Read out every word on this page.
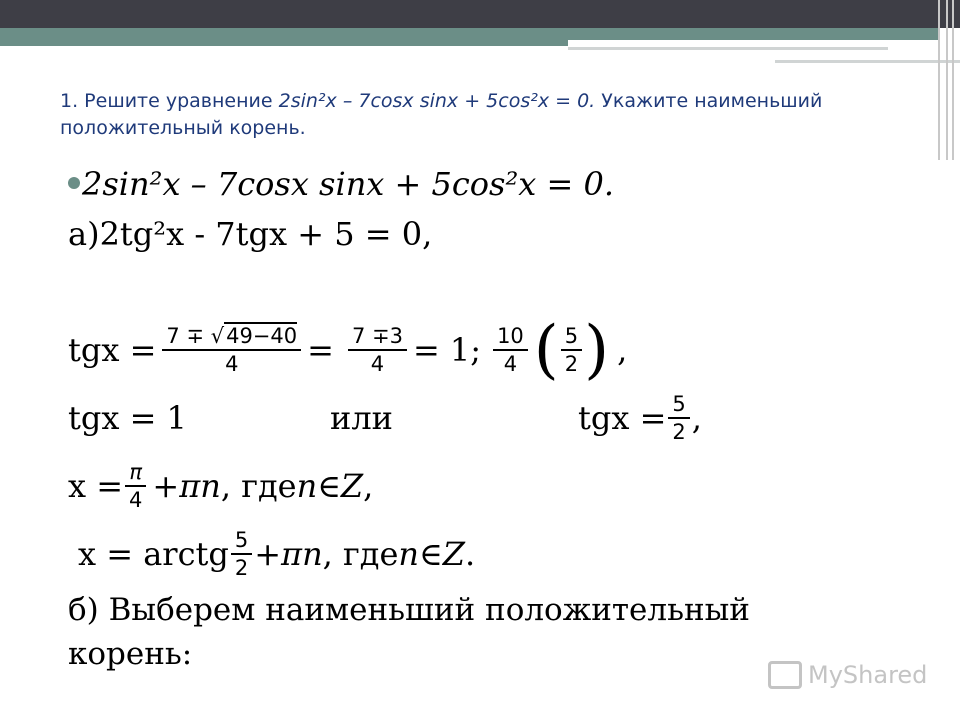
1. Решите уравнение 2sin²x – 7cosx sinx + 5cos²x = 0. Укажите наименьший положительный корень.
2sin²x – 7cosx sinx + 5cos²x = 0.
а)2tg²x - 7tgx + 5 = 0,
tgx = $\frac{7 \mp √49-40}{4} = \frac{7 \mp 3}{4} = 1$; $\frac{10}{4}$ ( $\frac{5}{2}$ ) ,
tgx = 1	или	tgx = $\frac{5}{2}$ ,
$x = \frac{\pi}{4} + \pi n$ , где n ∈ Z ,
x = arctg $\frac{5}{2} + \pi n$ , где n ∈ Z .
б) Выберем наименьший положительный
корень:
MyShared
